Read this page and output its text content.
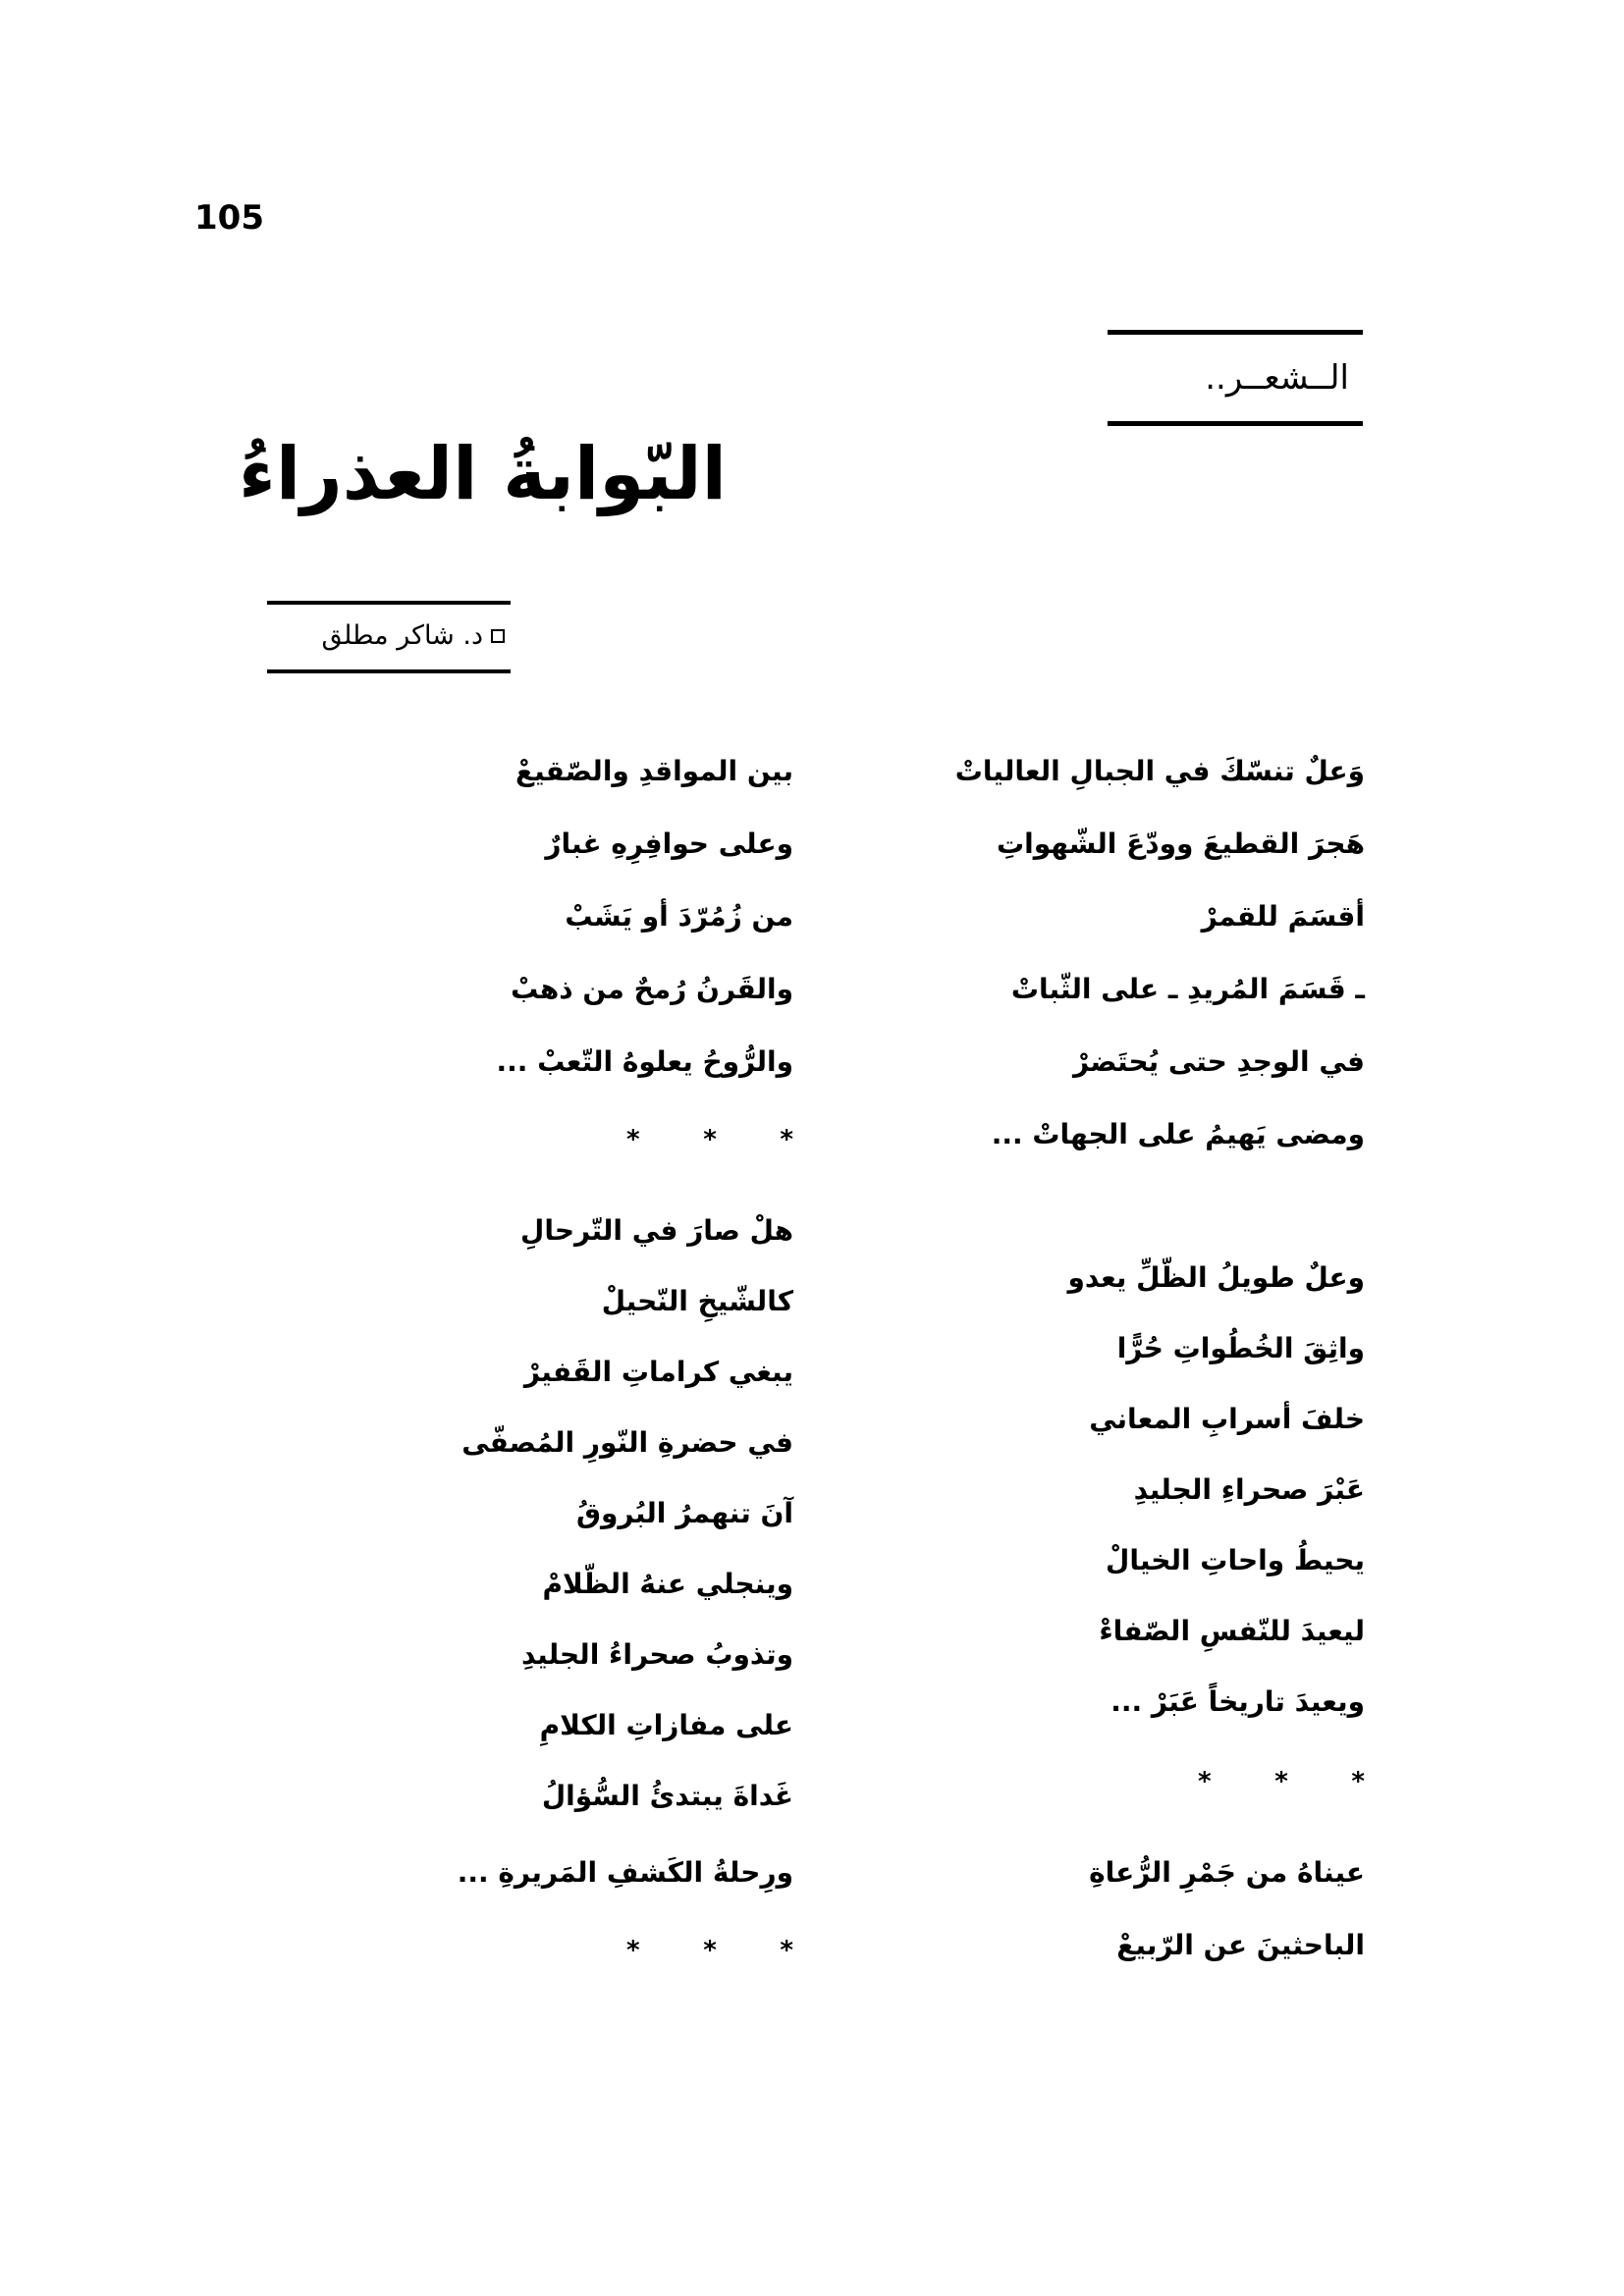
105
الــشعــر..
البّوابةُ العذراءُ
د. شاكر مطلق
وَعلٌ تنسّكَ في الجبالِ العالياتْ
هَجرَ القطيعَ وودّعَ الشّهواتِ
أقسَمَ للقمرْ
ـ قَسَمَ المُريدِ ـ على الثّباتْ
في الوجدِ حتى يُحتَضرْ
ومضى يَهيمُ على الجهاتْ ...
وعلٌ طويلُ الظّلِّ يعدو
واثِقَ الخُطُواتِ حُرًّا
خلفَ أسرابِ المعاني
عَبْرَ صحراءِ الجليدِ
يحيطُ واحاتِ الخيالْ
ليعيدَ للنّفسِ الصّفاءْ
ويعيدَ تاريخاً عَبَرْ ...
* * *
عيناهُ من جَمْرِ الرُّعاةِ
الباحثينَ عن الرّبيعْ
بين المواقدِ والصّقيعْ
وعلى حوافِرِهِ غبارٌ
من زُمُرّدَ أو يَشَبْ
والقَرنُ رُمحٌ من ذهبْ
والرُّوحُ يعلوهُ التّعبْ ...
* * *
هلْ صارَ في التّرحالِ
كالشّيخِ النّحيلْ
يبغي كراماتِ القَفيرْ
في حضرةِ النّورِ المُصفّى
آنَ تنهمرُ البُروقُ
وينجلي عنهُ الظّلامْ
وتذوبُ صحراءُ الجليدِ
على مفازاتِ الكلامِ
غَداةَ يبتدئُ السُّؤالُ
ورِحلةُ الكَشفِ المَريرةِ ...
* * *
